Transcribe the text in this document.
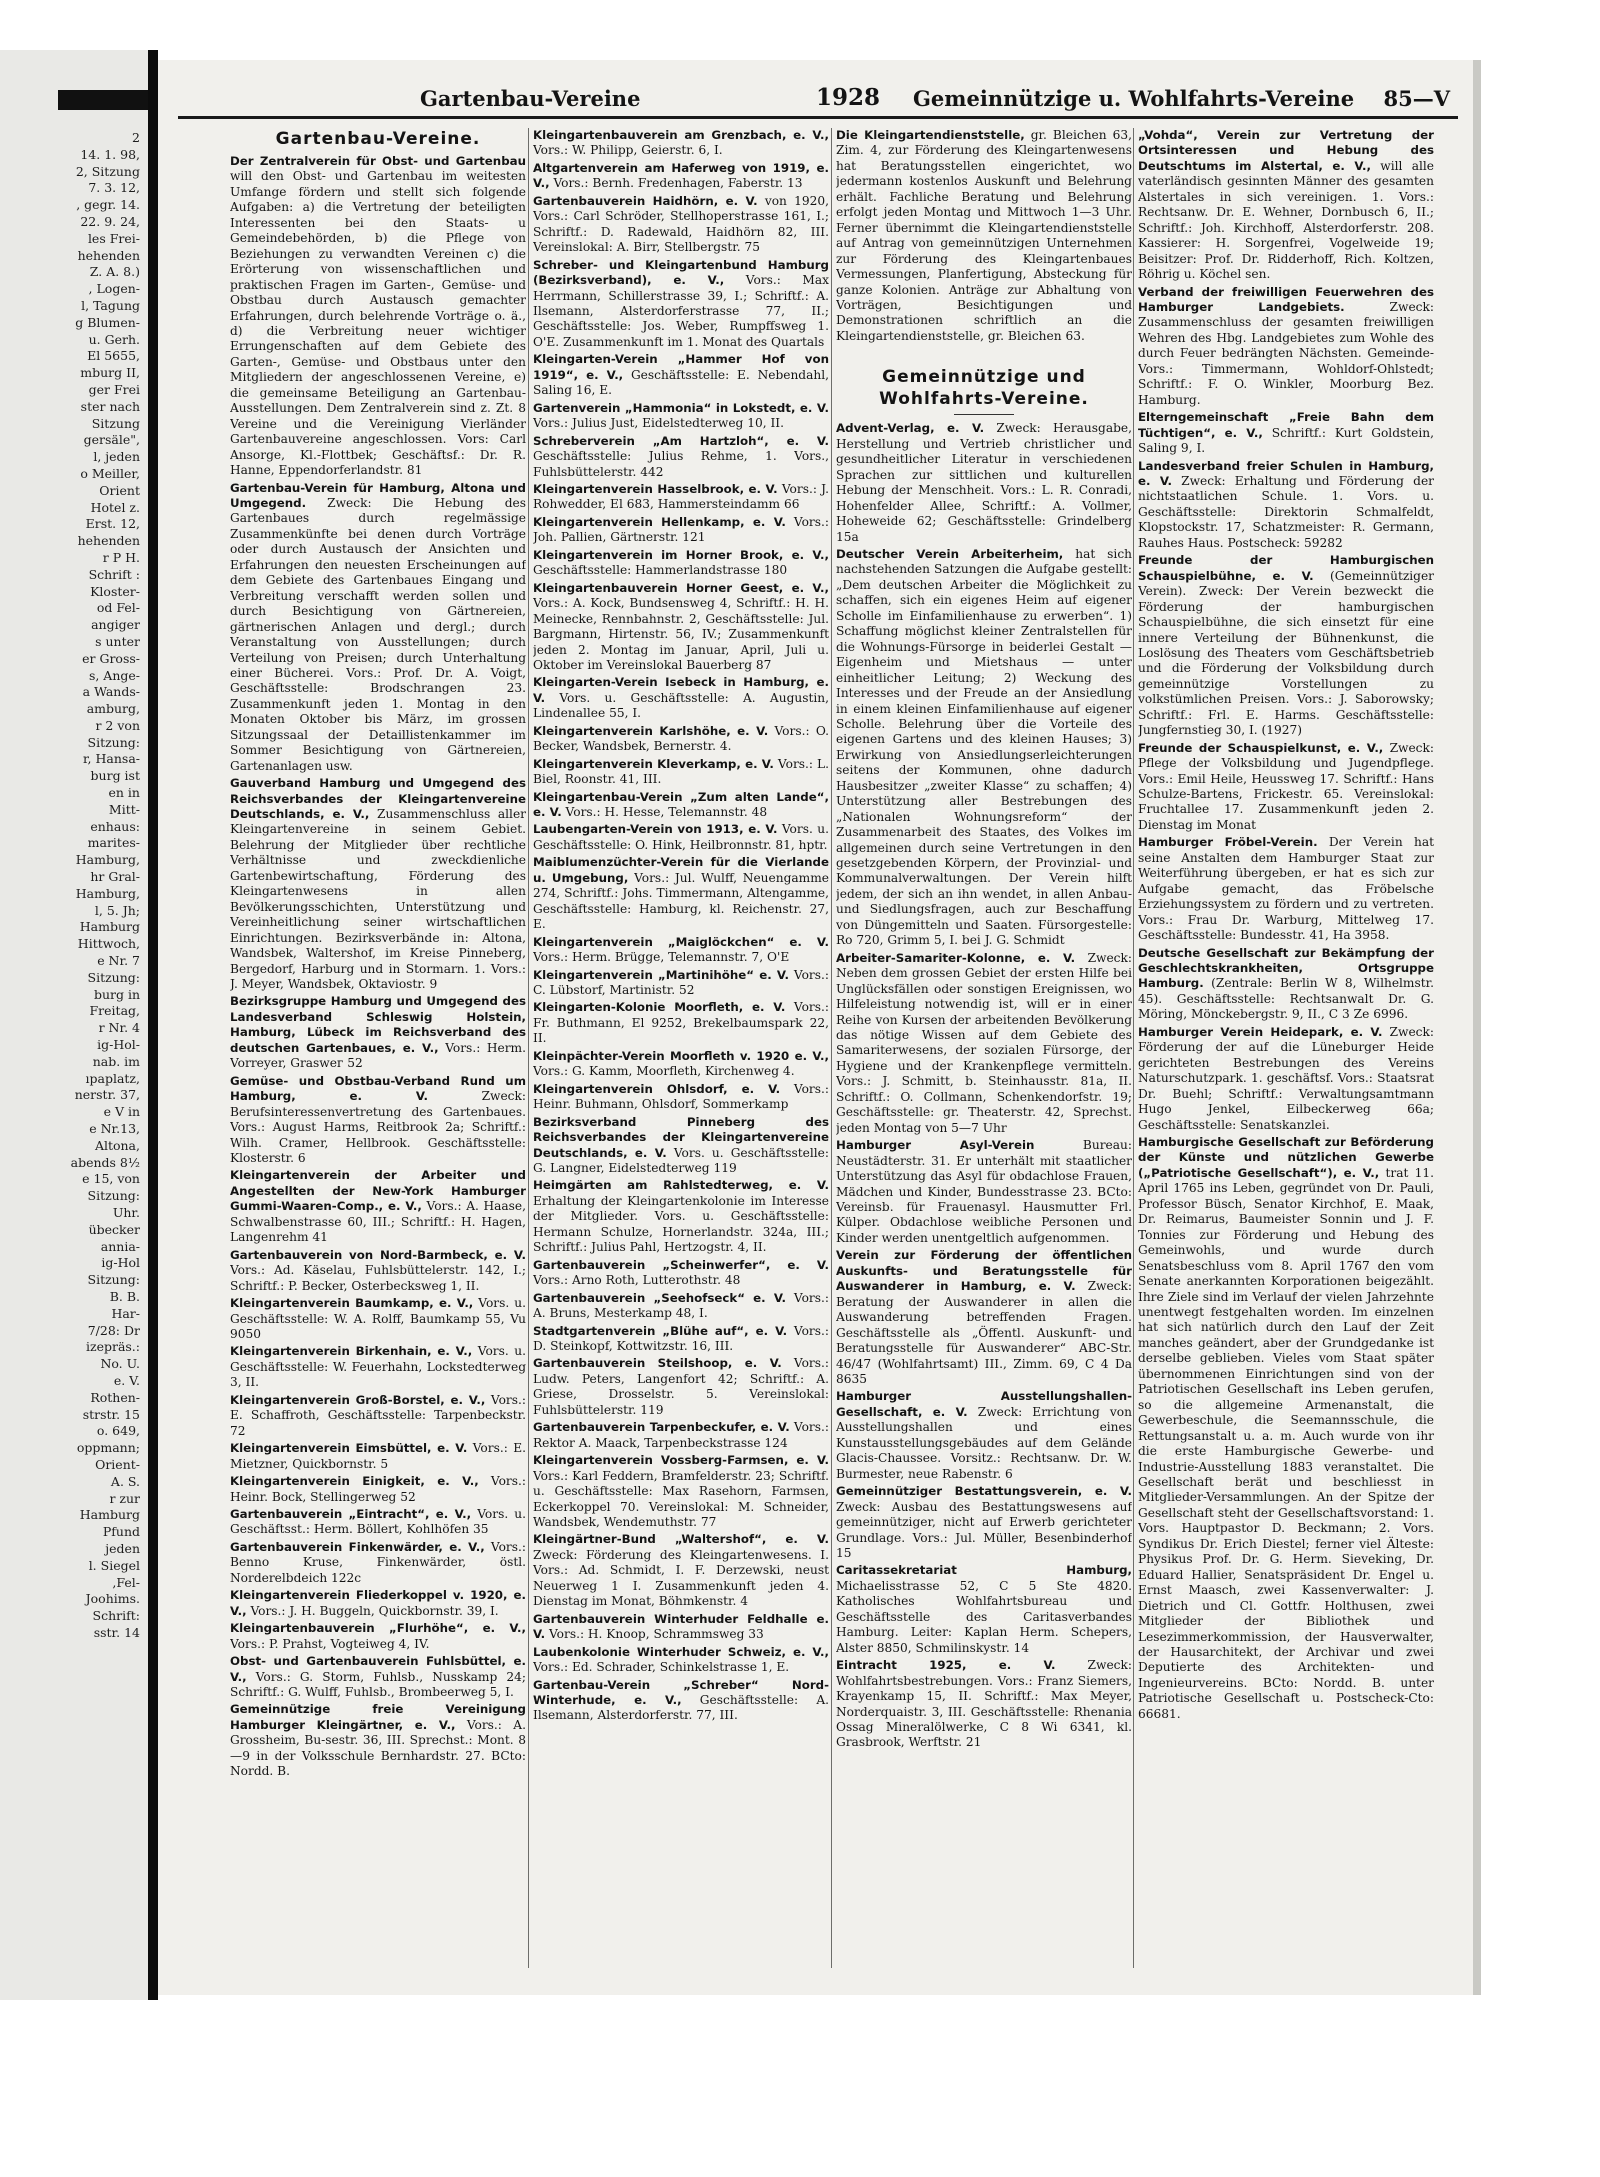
2
14. 1. 98,
2, Sitzung
7. 3. 12,
, gegr. 14.
22. 9. 24,
les Frei-
hehenden
Z. A. 8.)
, Logen-
l, Tagung
g Blumen-
u. Gerh.
El 5655,
mburg II,
ger Frei
ster nach
Sitzung
gersäle",
l, jeden
o Meiller,
Orient
Hotel z.
Erst. 12,
hehenden
r P H.
Schrift :
Kloster-
od Fel-
angiger
s unter
er Gross-
s, Ange-
a Wands-
amburg,
r 2 von
Sitzung:
r, Hansa-
burg ist
en in
Mitt-
enhaus:
marites-
Hamburg,
hr Gral-
Hamburg,
l, 5. Jh;
Hamburg
Hittwoch,
e Nr. 7
Sitzung:
burg in
Freitag,
r Nr. 4
ig-Hol-
nab. im
ıpaplatz,
nerstr. 37,
e V in
e Nr.13,
Altona,
abends 8½
e 15, von
Sitzung:
Uhr.
übecker
annia-
ig-Hol
Sitzung:
B. B.
Har-
7/28: Dr
izepräs.:
No. U.
e. V.
Rothen-
strstr. 15
o. 649,
oppmann;
Orient-
A. S.
r zur
Hamburg
Pfund
jeden
l. Siegel
,Fel-
Joohims.
Schrift:
sstr. 14
Gartenbau-Vereine	1928 Gemeinnützige u. Wohlfahrts-Vereine 85—V
Gartenbau-Vereine.

Der Zentralverein für Obst- und Gartenbau will den Obst- und Gartenbau im weitesten Umfange fördern und stellt sich folgende Aufgaben: a) die Vertretung der beteiligten Interessenten bei den Staats- u Gemeindebehörden, b) die Pflege von Beziehungen zu verwandten Vereinen c) die Erörterung von wissenschaftlichen und praktischen Fragen im Garten-, Gemüse- und Obstbau durch Austausch gemachter Erfahrungen, durch belehrende Vorträge o. ä., d) die Verbreitung neuer wichtiger Errungenschaften auf dem Gebiete des Garten-, Gemüse- und Obstbaus unter den Mitgliedern der angeschlossenen Vereine, e) die gemeinsame Beteiligung an Gartenbau-Ausstellungen. Dem Zentralverein sind z. Zt. 8 Vereine und die Vereinigung Vierländer Gartenbauvereine angeschlossen. Vors: Carl Ansorge, Kl.-Flottbek; Geschäftsf.: Dr. R. Hanne, Eppendorferlandstr. 81

Gartenbau-Verein für Hamburg, Altona und Umgegend. Zweck: Die Hebung des Gartenbaues durch regelmässige Zusammenkünfte bei denen durch Vorträge oder durch Austausch der Ansichten und Erfahrungen den neuesten Erscheinungen auf dem Gebiete des Gartenbaues Eingang und Verbreitung verschafft werden sollen und durch Besichtigung von Gärtnereien, gärtnerischen Anlagen und dergl.; durch Veranstaltung von Ausstellungen; durch Verteilung von Preisen; durch Unterhaltung einer Bücherei. Vors.: Prof. Dr. A. Voigt, Geschäftsstelle: Brodschrangen 23. Zusammenkunft jeden 1. Montag in den Monaten Oktober bis März, im grossen Sitzungssaal der Detaillistenkammer im Sommer Besichtigung von Gärtnereien, Gartenanlagen usw.

Gauverband Hamburg und Umgegend des Reichsverbandes der Kleingartenvereine Deutschlands, e. V., Zusammenschluss aller Kleingartenvereine in seinem Gebiet. Belehrung der Mitglieder über rechtliche Verhältnisse und zweckdienliche Gartenbewirtschaftung, Förderung des Kleingartenwesens in allen Bevölkerungsschichten, Unterstützung und Vereinheitlichung seiner wirtschaftlichen Einrichtungen. Bezirksverbände in: Altona, Wandsbek, Waltershof, im Kreise Pinneberg, Bergedorf, Harburg und in Stormarn. 1. Vors.: J. Meyer, Wandsbek, Oktaviostr. 9

Bezirksgruppe Hamburg und Umgegend des Landesverband Schleswig Holstein, Hamburg, Lübeck im Reichsverband des deutschen Gartenbaues, e. V., Vors.: Herm. Vorreyer, Graswег 52

Gemüse- und Obstbau-Verband Rund um Hamburg, e. V. Zweck: Berufsinteressenvertretung des Gartenbaues. Vors.: August Harms, Reitbrook 2a; Schriftf.: Wilh. Cramer, Hellbrook. Geschäftsstelle: Klosterstr. 6

Kleingartenverein der Arbeiter und Angestellten der New-York Hamburger Gummi-Waaren-Comp., e. V., Vors.: A. Haase, Schwalbenstrasse 60, III.; Schriftf.: H. Hagen, Langenrehm 41

Gartenbauverein von Nord-Barmbeck, e. V. Vors.: Ad. Käselau, Fuhlsbüttelerstr. 142, I.; Schriftf.: P. Becker, Osterbecksweg 1, II.

Kleingartenverein Baumkamp, e. V., Vors. u. Geschäftsstelle: W. A. Rolff, Baumkamp 55, Vu 9050

Kleingartenverein Birkenhain, e. V., Vors. u. Geschäftsstelle: W. Feuerhahn, Lockstedterweg 3, II.

Kleingartenverein Groß-Borstel, e. V., Vors.: E. Schaffroth, Geschäftsstelle: Tarpenbeckstr. 72

Kleingartenverein Eimsbüttel, e. V. Vors.: E. Mietzner, Quickbornstr. 5

Kleingartenverein Einigkeit, e. V., Vors.: Heinr. Bock, Stellingerweg 52

Gartenbauverein „Eintracht“, e. V., Vors. u. Geschäftsst.: Herm. Böllert, Kohlhöfen 35

Gartenbauverein Finkenwärder, e. V., Vors.: Benno Kruse, Finkenwärder, östl. Norderelbdeich 122c

Kleingartenverein Fliederkoppel v. 1920, e. V., Vors.: J. H. Buggeln, Quickbornstr. 39, I.

Kleingartenbauverein „Flurhöhe“, e. V., Vors.: P. Prahst, Vogteiweg 4, IV.

Obst- und Gartenbauverein Fuhlsbüttel, e. V., Vors.: G. Storm, Fuhlsb., Nusskamp 24; Schriftf.: G. Wulff, Fuhlsb., Brombeerweg 5, I.

Gemeinnützige freie Vereinigung Hamburger Kleingärtner, e. V., Vors.: A. Grossheim, Bu-sestr. 36, III. Sprechst.: Mont. 8—9 in der Volksschule Bernhardstr. 27. BCto: Nordd. B.

Kleingartenbauverein am Grenzbach, e. V., Vors.: W. Philipp, Geierstr. 6, I.

Altgartenverein am Haferweg von 1919, e. V., Vors.: Bernh. Fredenhagen, Faberstr. 13

Gartenbauverein Haidhörn, e. V. von 1920, Vors.: Carl Schröder, Stellhoperstrasse 161, I.; Schriftf.: D. Radewald, Haidhörn 82, III. Vereinslokal: A. Birr, Stellbergstr. 75

Schreber- und Kleingartenbund Hamburg (Bezirksverband), e. V., Vors.: Max Herrmann, Schillerstrasse 39, I.; Schriftf.: A. Ilsemann, Alsterdorferstrasse 77, II.; Geschäftsstelle: Jos. Weber, Rumpffsweg 1. O'E. Zusammenkunft im 1. Monat des Quartals

Kleingarten-Verein „Hammer Hof von 1919“, e. V., Geschäftsstelle: E. Nebendahl, Saling 16, E.

Gartenverein „Hammonia“ in Lokstedt, e. V. Vors.: Julius Just, Eidelstedterweg 10, II.

Schreberverein „Am Hartzloh“, e. V. Geschäftsstelle: Julius Rehme, 1. Vors., Fuhlsbüttelerstr. 442

Kleingartenverein Hasselbrook, e. V. Vors.: J. Rohwedder, El 683, Hammersteindamm 66

Kleingartenverein Hellenkamp, e. V. Vors.: Joh. Pallien, Gärtnerstr. 121

Kleingartenverein im Horner Brook, e. V., Geschäftsstelle: Hammerlandstrasse 180

Kleingartenbauverein Horner Geest, e. V., Vors.: A. Kock, Bundsensweg 4, Schriftf.: H. H. Meinecke, Rennbahnstr. 2, Geschäftsstelle: Jul. Bargmann, Hirtenstr. 56, IV.; Zusammenkunft jeden 2. Montag im Januar, April, Juli u. Oktober im Vereinslokal Bauerberg 87

Kleingarten-Verein Isebeck in Hamburg, e. V. Vors. u. Geschäftsstelle: A. Augustin, Lindenallee 55, I.

Kleingartenverein Karlshöhe, e. V. Vors.: O. Becker, Wandsbek, Bernerstr. 4.

Kleingartenverein Kleverkamp, e. V. Vors.: L. Biel, Roonstr. 41, III.

Kleingartenbau-Verein „Zum alten Lande“, e. V. Vors.: H. Hesse, Telemannstr. 48

Laubengarten-Verein von 1913, e. V. Vors. u. Geschäftsstelle: O. Hink, Heilbronnstr. 81, hptr.

Maiblumenzüchter-Verein für die Vierlande u. Umgebung, Vors.: Jul. Wulff, Neuengamme 274, Schriftf.: Johs. Timmermann, Altengamme, Geschäftsstelle: Hamburg, kl. Reichenstr. 27, E.

Kleingartenverein „Maiglöckchen“ e. V. Vors.: Herm. Brügge, Telemannstr. 7, O'E

Kleingartenverein „Martinihöhe“ e. V. Vors.: C. Lübstorf, Martinistr. 52

Kleingarten-Kolonie Moorfleth, e. V. Vors.: Fr. Buthmann, El 9252, Brekelbaumspark 22, II.

Kleinpächter-Verein Moorfleth v. 1920 e. V., Vors.: G. Kamm, Moorfleth, Kirchenweg 4.

Kleingartenverein Ohlsdorf, e. V. Vors.: Heinr. Buhmann, Ohlsdorf, Sommerkamp

Bezirksverband Pinneberg des Reichsverbandes der Kleingartenvereine Deutschlands, e. V. Vors. u. Geschäftsstelle: G. Langner, Eidelstedterweg 119

Heimgärten am Rahlstedterweg, e. V. Erhaltung der Kleingartenkolonie im Interesse der Mitglieder. Vors. u. Geschäftsstelle: Hermann Schulze, Hornerlandstr. 324a, III.; Schriftf.: Julius Pahl, Hertzogstr. 4, II.

Gartenbauverein „Scheinwerfer“, e. V. Vors.: Arno Roth, Lutterothstr. 48

Gartenbauverein „Seehofseck“ e. V. Vors.: A. Bruns, Mesterkamp 48, I.

Stadtgartenverein „Blühe auf“, e. V. Vors.: D. Steinkopf, Kottwitzstr. 16, III.

Gartenbauverein Steilshoop, e. V. Vors.: Ludw. Peters, Langenfort 42; Schriftf.: A. Griese, Drosselstr. 5. Vereinslokal: Fuhlsbüttelerstr. 119

Gartenbauverein Tarpenbeckufer, e. V. Vors.: Rektor A. Maack, Tarpenbeckstrasse 124

Kleingartenverein Vossberg-Farmsen, e. V. Vors.: Karl Feddern, Bramfelderstr. 23; Schriftf. u. Geschäftsstelle: Max Rasehorn, Farmsen, Eckerkoppel 70. Vereinslokal: M. Schneider, Wandsbek, Wendemuthstr. 77

Kleingärtner-Bund „Waltershof“, e. V. Zweck: Förderung des Kleingartenwesens. I. Vors.: Ad. Schmidt, I. F. Derzewski, neust Neuerweg 1 I. Zusammenkunft jeden 4. Dienstag im Monat, Böhmkenstr. 4

Gartenbauverein Winterhuder Feldhalle e. V. Vors.: H. Knoop, Schrammsweg 33

Laubenkolonie Winterhuder Schweiz, e. V., Vors.: Ed. Schrader, Schinkelstrasse 1, E.

Gartenbau-Verein „Schreber“ Nord-Winterhude, e. V., Geschäftsstelle: A. Ilsemann, Alsterdorferstr. 77, III.

Die Kleingartendienststelle, gr. Bleichen 63, Zim. 4, zur Förderung des Kleingartenwesens hat Beratungsstellen eingerichtet, wo jedermann kostenlos Auskunft und Belehrung erhält. Fachliche Beratung und Belehrung erfolgt jeden Montag und Mittwoch 1—3 Uhr. Ferner übernimmt die Kleingartendienststelle auf Antrag von gemeinnützigen Unternehmen zur Förderung des Kleingartenbaues Vermessungen, Planfertigung, Absteckung für ganze Kolonien. Anträge zur Abhaltung von Vorträgen, Besichtigungen und Demonstrationen schriftlich an die Kleingartendienststelle, gr. Bleichen 63.

Gemeinnützige und Wohlfahrts-Vereine.

Advent-Verlag, e. V. Zweck: Herausgabe, Herstellung und Vertrieb christlicher und gesundheitlicher Literatur in verschiedenen Sprachen zur sittlichen und kulturellen Hebung der Menschheit. Vors.: L. R. Conradi, Hohenfelder Allee, Schriftf.: A. Vollmer, Hoheweide 62; Geschäftsstelle: Grindelberg 15a

Deutscher Verein Arbeiterheim, hat sich nachstehenden Satzungen die Aufgabe gestellt: „Dem deutschen Arbeiter die Möglichkeit zu schaffen, sich ein eigenes Heim auf eigener Scholle im Einfamilienhause zu erwerben“. 1) Schaffung möglichst kleiner Zentralstellen für die Wohnungs-Fürsorge in beiderlei Gestalt — Eigenheim und Mietshaus — unter einheitlicher Leitung; 2) Weckung des Interesses und der Freude an der Ansiedlung in einem kleinen Einfamilienhause auf eigener Scholle. Belehrung über die Vorteile des eigenen Gartens und des kleinen Hauses; 3) Erwirkung von Ansiedlungserleichterungen seitens der Kommunen, ohne dadurch Hausbesitzer „zweiter Klasse“ zu schaffen; 4) Unterstützung aller Bestrebungen des „Nationalen Wohnungsreform“ der Zusammenarbeit des Staates, des Volkes im allgemeinen durch seine Vertretungen in den gesetzgebenden Körpern, der Provinzial- und Kommunalverwaltungen. Der Verein hilft jedem, der sich an ihn wendet, in allen Anbau- und Siedlungsfragen, auch zur Beschaffung von Düngemitteln und Saaten. Fürsorgestelle: Ro 720, Grimm 5, I. bei J. G. Schmidt

Arbeiter-Samariter-Kolonne, e. V. Zweck: Neben dem grossen Gebiet der ersten Hilfe bei Unglücksfällen oder sonstigen Ereignissen, wo Hilfeleistung notwendig ist, will er in einer Reihe von Kursen der arbeitenden Bevölkerung das nötige Wissen auf dem Gebiete des Samariterwesens, der sozialen Fürsorge, der Hygiene und der Krankenpflege vermitteln. Vors.: J. Schmitt, b. Steinhausstr. 81a, II. Schriftf.: O. Collmann, Schenkendorfstr. 19; Geschäftsstelle: gr. Theaterstr. 42, Sprechst. jeden Montag von 5—7 Uhr

Hamburger Asyl-Verein Bureau: Neustädterstr. 31. Er unterhält mit staatlicher Unterstützung das Asyl für obdachlose Frauen, Mädchen und Kinder, Bundesstrasse 23. BCto: Vereinsb. für Frauenasyl. Hausmutter Frl. Külper. Obdachlose weibliche Personen und Kinder werden unentgeltlich aufgenommen.

Verein zur Förderung der öffentlichen Auskunfts- und Beratungsstelle für Auswanderer in Hamburg, e. V. Zweck: Beratung der Auswanderer in allen die Auswanderung betreffenden Fragen. Geschäftsstelle als „Öffentl. Auskunft- und Beratungsstelle für Auswanderer“ ABC-Str. 46/47 (Wohlfahrtsamt) III., Zimm. 69, C 4 Da 8635

Hamburger Ausstellungshallen-Gesellschaft, e. V. Zweck: Errichtung von Ausstellungshallen und eines Kunstausstellungsgebäudes auf dem Gelände Glacis-Chaussee. Vorsitz.: Rechtsanw. Dr. W. Burmester, neue Rabenstr. 6

Gemeinnütziger Bestattungsverein, e. V. Zweck: Ausbau des Bestattungswesens auf gemeinnütziger, nicht auf Erwerb gerichteter Grundlage. Vors.: Jul. Müller, Besenbinderhof 15

Caritassekretariat Hamburg, Michaelisstrasse 52, C 5 Ste 4820. Katholisches Wohlfahrtsbureau und Geschäftsstelle des Caritasverbandes Hamburg. Leiter: Kaplan Herm. Schepers, Alster 8850, Schmilinskystr. 14

Eintracht 1925, e. V. Zweck: Wohlfahrtsbestrebungen. Vors.: Franz Siemers, Krayenkamp 15, II. Schriftf.: Max Meyer, Norderquaistr. 3, III. Geschäftsstelle: Rhenania Ossag Mineralölwerke, C 8 Wi 6341, kl. Grasbrook, Werftstr. 21

„Vohda“, Verein zur Vertretung der Ortsinteressen und Hebung des Deutschtums im Alstertal, e. V., will alle vaterländisch gesinnten Männer des gesamten Alstertales in sich vereinigen. 1. Vors.: Rechtsanw. Dr. E. Wehner, Dornbusch 6, II.; Schriftf.: Joh. Kirchhoff, Alsterdorferstr. 208. Kassierer: H. Sorgenfrei, Vogelweide 19; Beisitzer: Prof. Dr. Ridderhoff, Rich. Koltzen, Röhrig u. Köchel sen.

Verband der freiwilligen Feuerwehren des Hamburger Landgebiets. Zweck: Zusammenschluss der gesamten freiwilligen Wehren des Hbg. Landgebietes zum Wohle des durch Feuer bedrängten Nächsten. Gemeinde-Vors.: Timmermann, Wohldorf-Ohlstedt; Schriftf.: F. O. Winkler, Moorburg Bez. Hamburg.

Elterngemeinschaft „Freie Bahn dem Tüchtigen“, e. V., Schriftf.: Kurt Goldstein, Saling 9, I.

Landesverband freier Schulen in Hamburg, e. V. Zweck: Erhaltung und Förderung der nichtstaatlichen Schule. 1. Vors. u. Geschäftsstelle: Direktorin Schmalfeldt, Klopstockstr. 17, Schatzmeister: R. Germann, Rauhes Haus. Postscheck: 59282

Freunde der Hamburgischen Schauspielbühne, e. V. (Gemeinnütziger Verein). Zweck: Der Verein bezweckt die Förderung der hamburgischen Schauspielbühne, die sich einsetzt für eine innere Verteilung der Bühnenkunst, die Loslösung des Theaters vom Geschäftsbetrieb und die Förderung der Volksbildung durch gemeinnützige Vorstellungen zu volkstümlichen Preisen. Vors.: J. Saborowsky; Schriftf.: Frl. E. Harms. Geschäftsstelle: Jungfernstieg 30, I. (1927)

Freunde der Schauspielkunst, e. V., Zweck: Pflege der Volksbildung und Jugendpflege. Vors.: Emil Heile, Heussweg 17. Schriftf.: Hans Schulze-Bartens, Frickestr. 65. Vereinslokal: Fruchtallee 17. Zusammenkunft jeden 2. Dienstag im Monat

Hamburger Fröbel-Verein. Der Verein hat seine Anstalten dem Hamburger Staat zur Weiterführung übergeben, er hat es sich zur Aufgabe gemacht, das Fröbelsche Erziehungssystem zu fördern und zu vertreten. Vors.: Frau Dr. Warburg, Mittelweg 17. Geschäftsstelle: Bundesstr. 41, Ha 3958.

Deutsche Gesellschaft zur Bekämpfung der Geschlechtskrankheiten, Ortsgruppe Hamburg. (Zentrale: Berlin W 8, Wilhelmstr. 45). Geschäftsstelle: Rechtsanwalt Dr. G. Möring, Mönckebergstr. 9, II., C 3 Ze 6996.

Hamburger Verein Heidepark, e. V. Zweck: Förderung der auf die Lüneburger Heide gerichteten Bestrebungen des Vereins Naturschutzpark. 1. geschäftsf. Vors.: Staatsrat Dr. Buehl; Schriftf.: Verwaltungsamtmann Hugo Jenkel, Eilbeckerweg 66a; Geschäftsstelle: Senatskanzlei.

Hamburgische Gesellschaft zur Beförderung der Künste und nützlichen Gewerbe („Patriotische Gesellschaft“), e. V., trat 11. April 1765 ins Leben, gegründet von Dr. Pauli, Professor Büsch, Senator Kirchhof, E. Maak, Dr. Reimarus, Baumeister Sonnin und J. F. Tonnies zur Förderung und Hebung des Gemeinwohls, und wurde durch Senatsbeschluss vom 8. April 1767 den vom Senate anerkannten Korporationen beigezählt. Ihre Ziele sind im Verlauf der vielen Jahrzehnte unentwegt festgehalten worden. Im einzelnen hat sich natürlich durch den Lauf der Zeit manches geändert, aber der Grundgedanke ist derselbe geblieben. Vieles vom Staat später übernommenen Einrichtungen sind von der Patriotischen Gesellschaft ins Leben gerufen, so die allgemeine Armenanstalt, die Gewerbeschule, die Seemannsschule, die Rettungsanstalt u. a. m. Auch wurde von ihr die erste Hamburgische Gewerbe- und Industrie-Ausstellung 1883 veranstaltet. Die Gesellschaft berät und beschliesst in Mitglieder-Versammlungen. An der Spitze der Gesellschaft steht der Gesellschaftsvorstand: 1. Vors. Hauptpastor D. Beckmann; 2. Vors. Syndikus Dr. Erich Diestel; ferner viel Älteste: Physikus Prof. Dr. G. Herm. Sieveking, Dr. Eduard Hallier, Senatspräsident Dr. Engel u. Ernst Maasch, zwei Kassenverwalter: J. Dietrich und Cl. Gottfr. Holthusen, zwei Mitglieder der Bibliothek und Lesezimmerkommission, der Hausverwalter, der Hausarchitekt, der Archivar und zwei Deputierte des Architekten- und Ingenieurvereins. BCto: Nordd. B. unter Patriotische Gesellschaft u. Postscheck-Cto: 66681.
